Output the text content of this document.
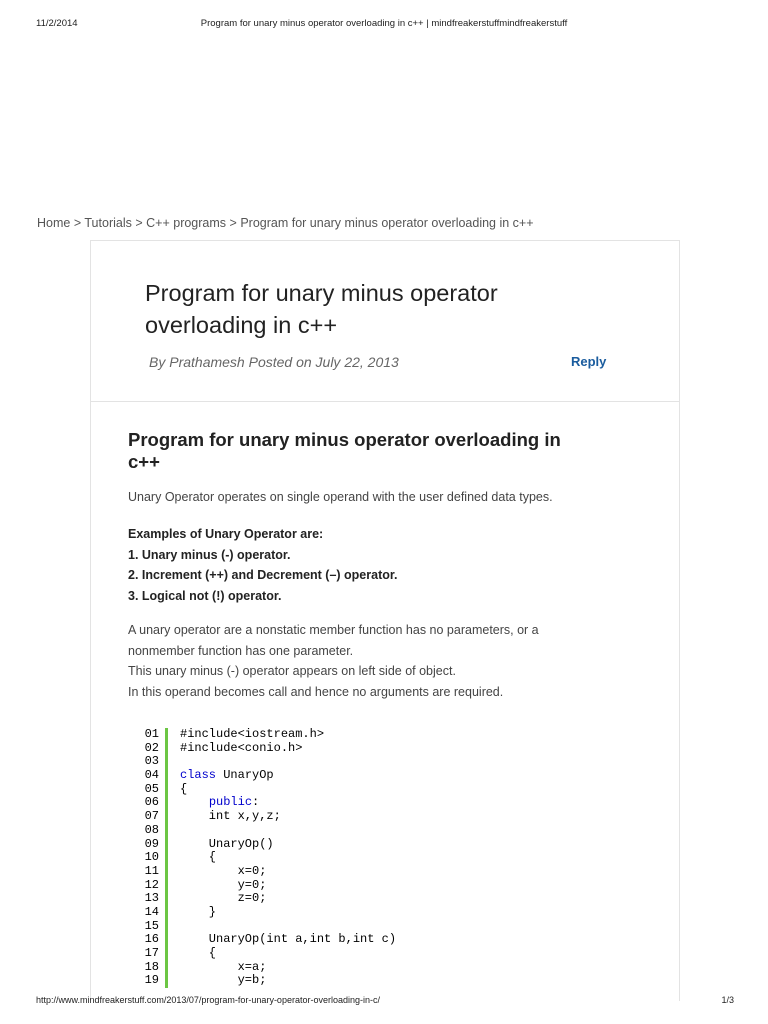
11/2/2014	Program for unary minus operator overloading in c++ | mindfreakerstuffmindfreakerstuff
Home > Tutorials > C++ programs > Program for unary minus operator overloading in c++
Program for unary minus operator
overloading in c++
By Prathamesh Posted on July 22, 2013	Reply
Program for unary minus operator overloading in
c++

Unary Operator operates on single operand with the user defined data types.

Examples of Unary Operator are:
1. Unary minus (-) operator.
2. Increment (++) and Decrement (–) operator.
3. Logical not (!) operator.
A unary operator are a nonstatic member function has no parameters, or a
nonmember function has one parameter.
This unary minus (-) operator appears on left side of object.
In this operand becomes call and hence no arguments are required.
01	#include<iostream.h>
02	#include<conio.h>
03
04	class UnaryOp
05	{
06	public:
07	int x,y,z;
08
09	UnaryOp()
10	{
11	x=0;
12	y=0;
13	z=0;
14	}
15
16	UnaryOp(int a,int b,int c)
17	{
18	x=a;
19	y=b;
http://www.mindfreakerstuff.com/2013/07/program-for-unary-operator-overloading-in-c/	1/3
